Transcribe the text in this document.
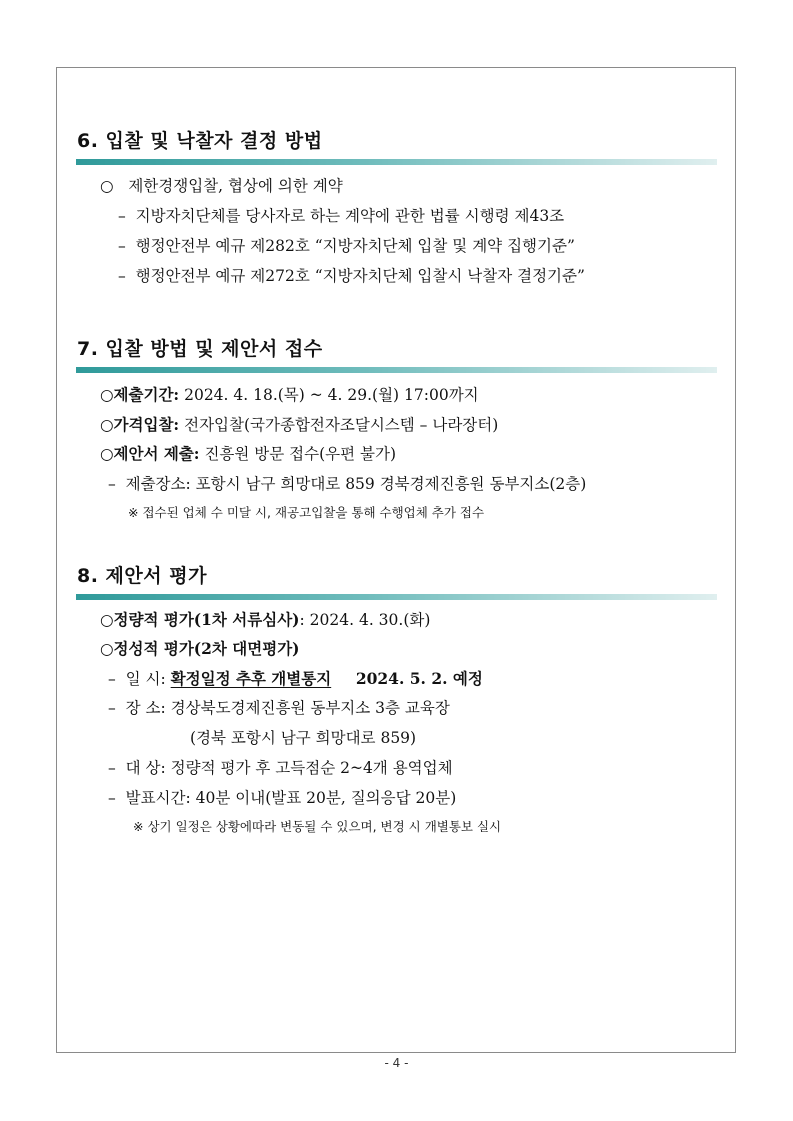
6. 입찰 및 낙찰자 결정 방법
○ 제한경쟁입찰, 협상에 의한 계약
– 지방자치단체를 당사자로 하는 계약에 관한 법률 시행령 제43조
– 행정안전부 예규 제282호 “지방자치단체 입찰 및 계약 집행기준”
– 행정안전부 예규 제272호 “지방자치단체 입찰시 낙찰자 결정기준”
7. 입찰 방법 및 제안서 접수
○제출기간: 2024. 4. 18.(목) ~ 4. 29.(월) 17:00까지
○가격입찰: 전자입찰(국가종합전자조달시스템 – 나라장터)
○제안서 제출: 진흥원 방문 접수(우편 불가)
– 제출장소: 포항시 남구 희망대로 859 경북경제진흥원 동부지소(2층)
※ 접수된 업체 수 미달 시, 재공고입찰을 통해 수행업체 추가 접수
8. 제안서 평가
○정량적 평가(1차 서류심사): 2024. 4. 30.(화)
○정성적 평가(2차 대면평가)
– 일 시: 확정일정 추후 개별통지 2024. 5. 2. 예정
– 장 소: 경상북도경제진흥원 동부지소 3층 교육장
(경북 포항시 남구 희망대로 859)
– 대 상: 정량적 평가 후 고득점순 2~4개 용역업체
– 발표시간: 40분 이내(발표 20분, 질의응답 20분)
※ 상기 일정은 상황에따라 변동될 수 있으며, 변경 시 개별통보 실시
- 4 -
